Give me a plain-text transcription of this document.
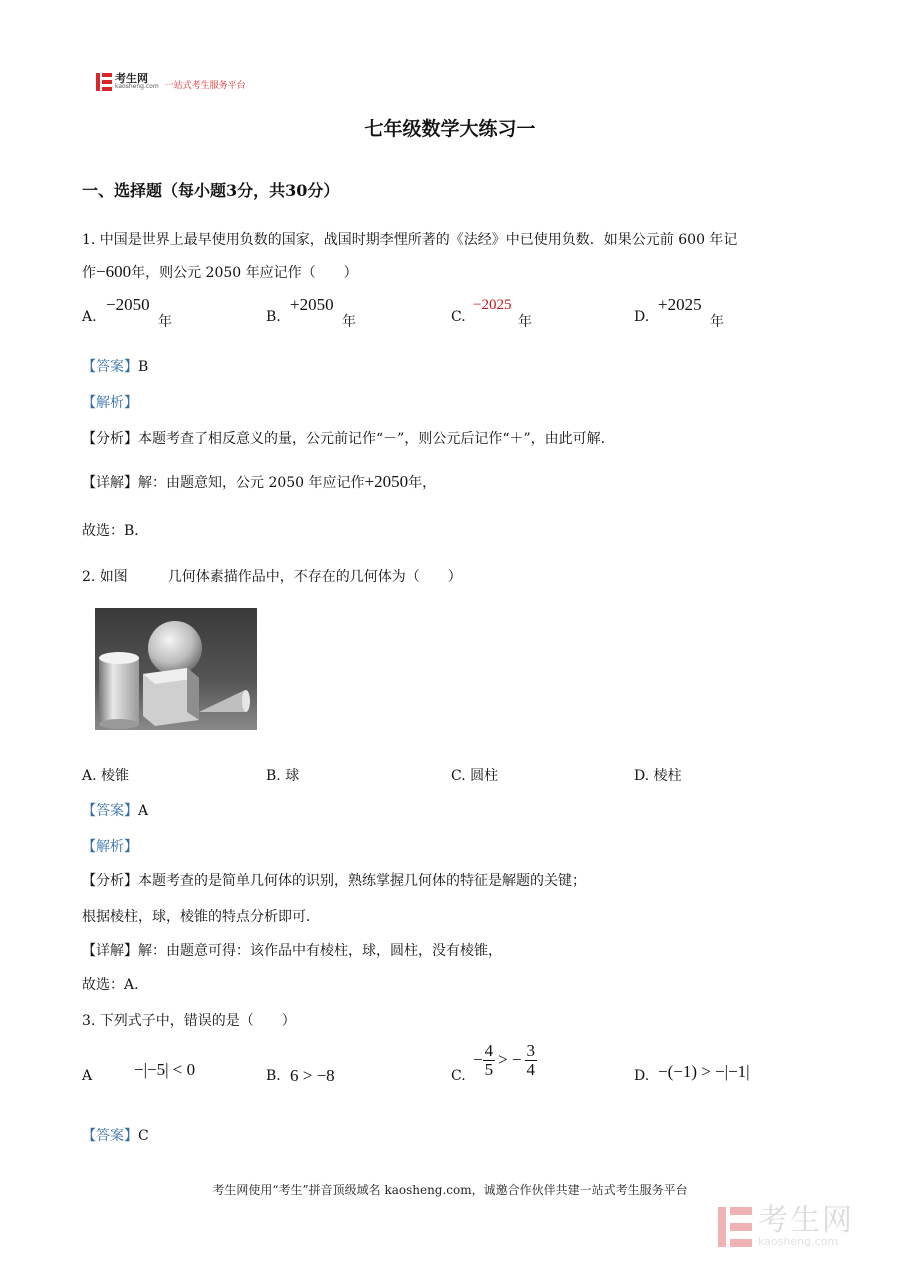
考生网
kaosheng.com 一站式考生服务平台
七年级数学大练习一
一、选择题（每小题3分，共30分）
1. 中国是世界上最早使用负数的国家，战国时期李悝所著的《法经》中已使用负数．如果公元前 600 年记
作−600年，则公元 2050 年应记作（　　）
A.
−2050
年	B.
+2050
年	C.
−2025
年	D.
+2025
年
【答案】B
【解析】
【分析】本题考查了相反意义的量，公元前记作“－”，则公元后记作“＋”，由此可解．
【详解】解：由题意知，公元 2050 年应记作+2050年，
故选：B．
2. 如图	几何体素描作品中，不存在的几何体为（　　）
A. 棱锥	B. 球	C. 圆柱	D. 棱柱
【答案】A
【解析】
【分析】本题考查的是简单几何体的识别，熟练掌握几何体的特征是解题的关键；
根据棱柱，球，棱锥的特点分析即可．
【详解】解：由题意可得：该作品中有棱柱，球，圆柱，没有棱锥，
故选：A．
3. 下列式子中，错误的是（　　）
A −|−5| < 0	B. 6 > −8	C.
− $\frac{4}{5}$ > − $\frac{3}{4}$	D. −(−1) > −|−1|
【答案】C
考生网使用“考生”拼音顶级域名 kaosheng.com，诚邀合作伙伴共建一站式考生服务平台
考生网
kaosheng.com
